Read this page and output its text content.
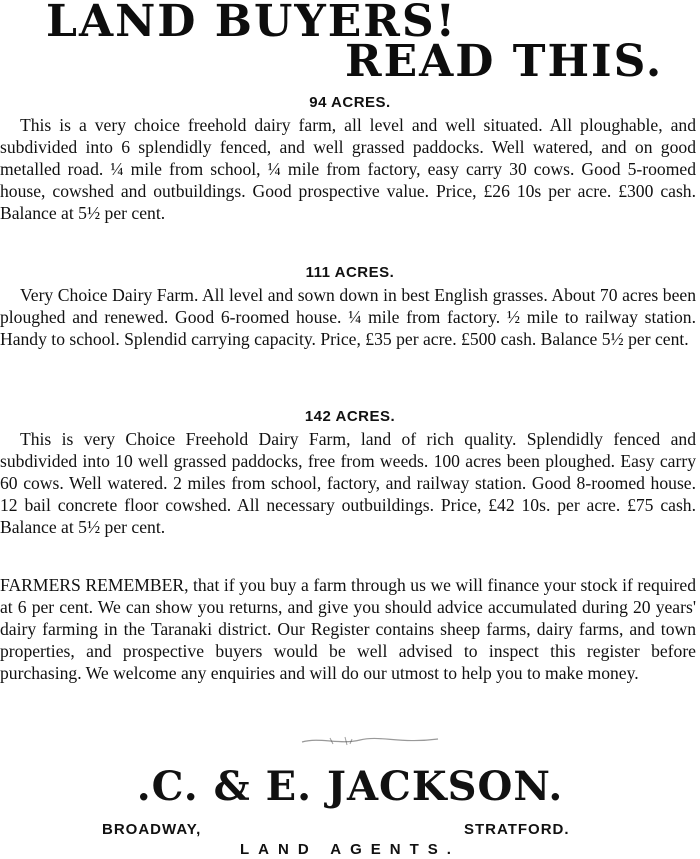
LAND BUYERS!
READ THIS.
94 ACRES.

This is a very choice freehold dairy farm, all level and well situated. All ploughable, and subdivided into 6 splendidly fenced, and well grassed paddocks. Well watered, and on good metalled road. ¼ mile from school, ¼ mile from factory, easy carry 30 cows. Good 5-roomed house, cowshed and outbuildings. Good prospective value. Price, £26 10s per acre. £300 cash. Balance at 5½ per cent.

111 ACRES.

Very Choice Dairy Farm. All level and sown down in best English grasses. About 70 acres been ploughed and renewed. Good 6-roomed house. ¼ mile from factory. ½ mile to railway station. Handy to school. Splendid carrying capacity. Price, £35 per acre. £500 cash. Balance 5½ per cent.

142 ACRES.

This is very Choice Freehold Dairy Farm, land of rich quality. Splendidly fenced and subdivided into 10 well grassed paddocks, free from weeds. 100 acres been ploughed. Easy carry 60 cows. Well watered. 2 miles from school, factory, and railway station. Good 8-roomed house. 12 bail concrete floor cowshed. All necessary outbuildings. Price, £42 10s. per acre. £75 cash. Balance at 5½ per cent.

FARMERS REMEMBER, that if you buy a farm through us we will finance your stock if required at 6 per cent. We can show you returns, and give you should advice accumulated during 20 years' dairy farming in the Taranaki district. Our Register contains sheep farms, dairy farms, and town properties, and prospective buyers would be well advised to inspect this register before purchasing. We welcome any enquiries and will do our utmost to help you to make money.

.C. & E. JACKSON.
BROADWAY,	STRATFORD.
LAND AGENTS.
